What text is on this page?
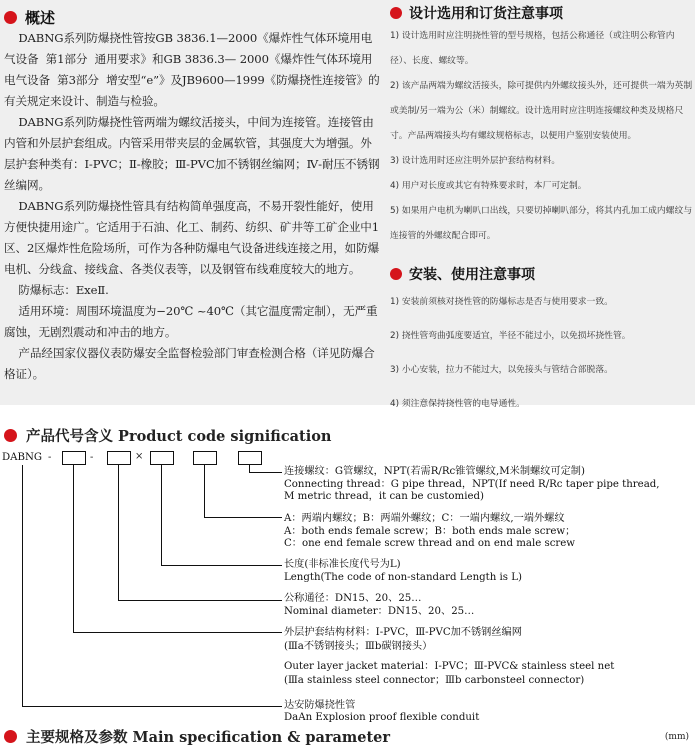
概述

DABNG系列防爆挠性管按GB 3836.1—2000《爆炸性气体环境用电气设备  第1部分  通用要求》和GB 3836.3— 2000《爆炸性气体环境用电气设备  第3部分  增安型“e”》及JB9600—1999《防爆挠性连接管》的有关规定来设计、制造与检验。

DABNG系列防爆挠性管两端为螺纹活接头，中间为连接管。连接管由内管和外层护套组成。内管采用带夹层的金属软管，其强度大为增强。外层护套种类有：Ⅰ-PVC；Ⅱ-橡胶；Ⅲ-PVC加不锈钢丝编网；Ⅳ-耐压不锈钢丝编网。

DABNG系列防爆挠性管具有结构简单强度高，不易开裂性能好，使用方便快捷用途广。它适用于石油、化工、制药、纺织、矿井等工矿企业中1区、2区爆炸性危险场所，可作为各种防爆电气设备进线连接之用，如防爆电机、分线盒、接线盒、各类仪表等，以及钢管布线难度较大的地方。

防爆标志：ExeⅡ.

适用环境：周围环境温度为−20℃ ~40℃（其它温度需定制），无严重腐蚀，无剧烈震动和冲击的地方。

产品经国家仪器仪表防爆安全监督检验部门审查检测合格（详见防爆合格证）。

设计选用和订货注意事项

1) 设计选用时应注明挠性管的型号规格，包括公称通径（或注明公称管内径）、长度、螺纹等。

2) 该产品两端为螺纹活接头，除可提供内外螺纹接头外，还可提供一端为英制或美制/另一端为公（米）制螺纹。设计选用时应注明连接螺纹种类及规格尺寸。产品两端接头均有螺纹规格标志，以便用户鉴别安装使用。

3) 设计选用时还应注明外层护套结构材料。

4) 用户对长度或其它有特殊要求时，本厂可定制。

5) 如果用户电机为喇叭口出线，只要切掉喇叭部分，将其内孔加工成内螺纹与连接管的外螺纹配合即可。

安装、使用注意事项

1) 安装前须核对挠性管的防爆标志是否与使用要求一致。

2) 挠性管弯曲弧度要适宜，半径不能过小，以免损坏挠性管。

3) 小心安装，拉力不能过大，以免接头与管结合部脱落。

4) 须注意保持挠性管的电导通性。

产品代号含义 Product code signification
DABNG -	-	×
连接螺纹：G管螺纹，NPT(若需R/Rc锥管螺纹,M米制螺纹可定制)
Connecting thread：G pipe thread，NPT(If need R/Rc taper pipe thread,
M metric thread，it can be customied)
A：两端内螺纹；B：两端外螺纹；C：一端内螺纹,一端外螺纹
A：both ends female screw；B：both ends male screw；
C：one end female screw thread and on end male screw
长度(非标准长度代号为L)
Length(The code of non-standard Length is L)
公称通径：DN15、20、25…
Nominal diameter：DN15、20、25…
外层护套结构材料：Ⅰ-PVC，Ⅲ-PVC加不锈钢丝编网
(Ⅲa不锈钢接头；Ⅲb碳钢接头）
Outer layer jacket material：Ⅰ-PVC；Ⅲ-PVC& stainless steel net
(Ⅲa stainless steel connector；Ⅲb carbonsteel connector)
达安防爆挠性管
DaAn Explosion proof flexible conduit
主要规格及参数 Main specification & parameter	(mm)
